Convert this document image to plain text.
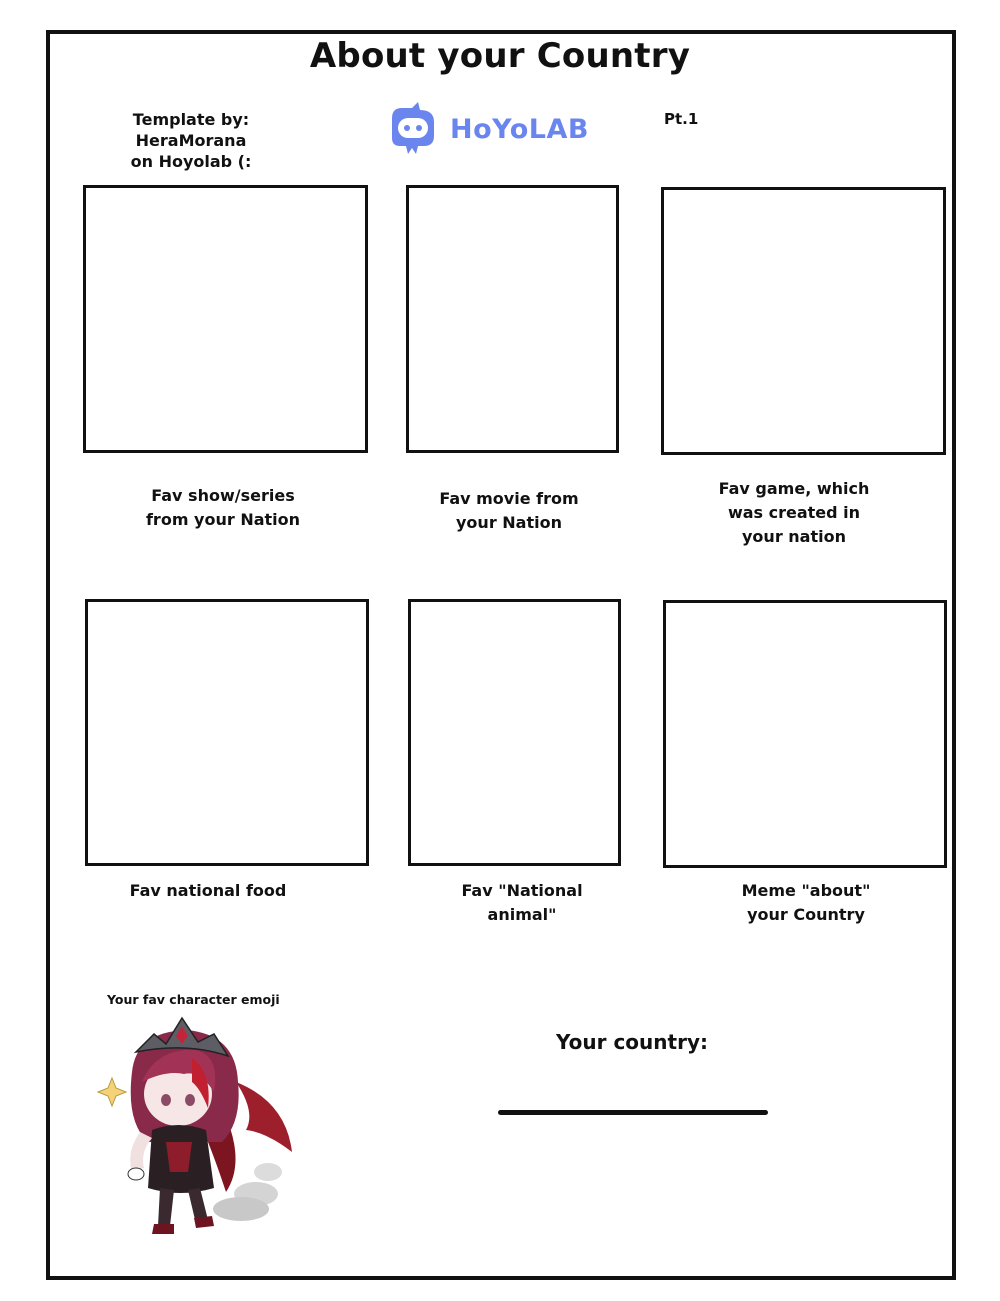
About your Country
Template by:
HeraMorana
on Hoyolab (:
HoYoLAB	Pt.1
Fav show/series
from your Nation
Fav movie from
your Nation
Fav game, which
was created in
your nation
Fav national food	Fav "National
animal"
Meme "about"
your Country
Your fav character emoji
Your country:
